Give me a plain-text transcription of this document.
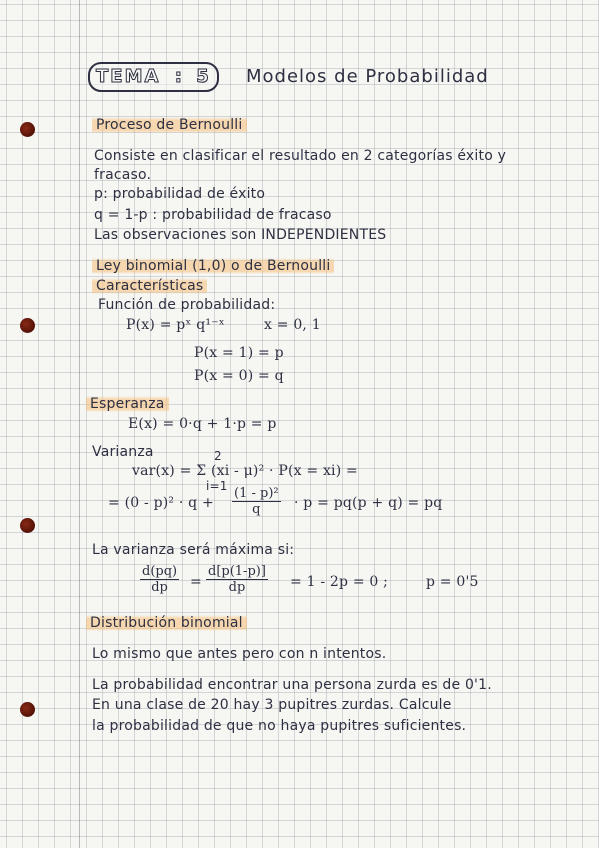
TEMA : 5	Modelos de Probabilidad
Proceso de Bernoulli
Consiste en clasificar el resultado en 2 categorías éxito y
fracaso.
p: probabilidad de éxito
q = 1-p : probabilidad de fracaso
Las observaciones son INDEPENDIENTES
Ley binomial (1,0) o de Bernoulli
Características
Función de probabilidad:
P(x) = pˣ q¹⁻ˣ	x = 0, 1
P(x = 1) = p
P(x = 0) = q
Esperanza
E(x) = 0·q + 1·p = p
Varianza
var(x) = Σ (xi - μ)² · P(x = xi) =
2
i=1
= $(0 - p)^2 \cdot q + \frac{\text{(1 - p)²}}{q} \cdot p = pq(p + q)$ = pq
La varianza será máxima si:
$\frac{d(pq)}{dp} = \frac{d[p(1-p)]}{dp} = 1 - 2p = 0$ ;	p = 0'5
Distribución binomial
Lo mismo que antes pero con n intentos.
La probabilidad encontrar una persona zurda es de 0'1.
En una clase de 20 hay 3 pupitres zurdas. Calcule
la probabilidad de que no haya pupitres suficientes.
